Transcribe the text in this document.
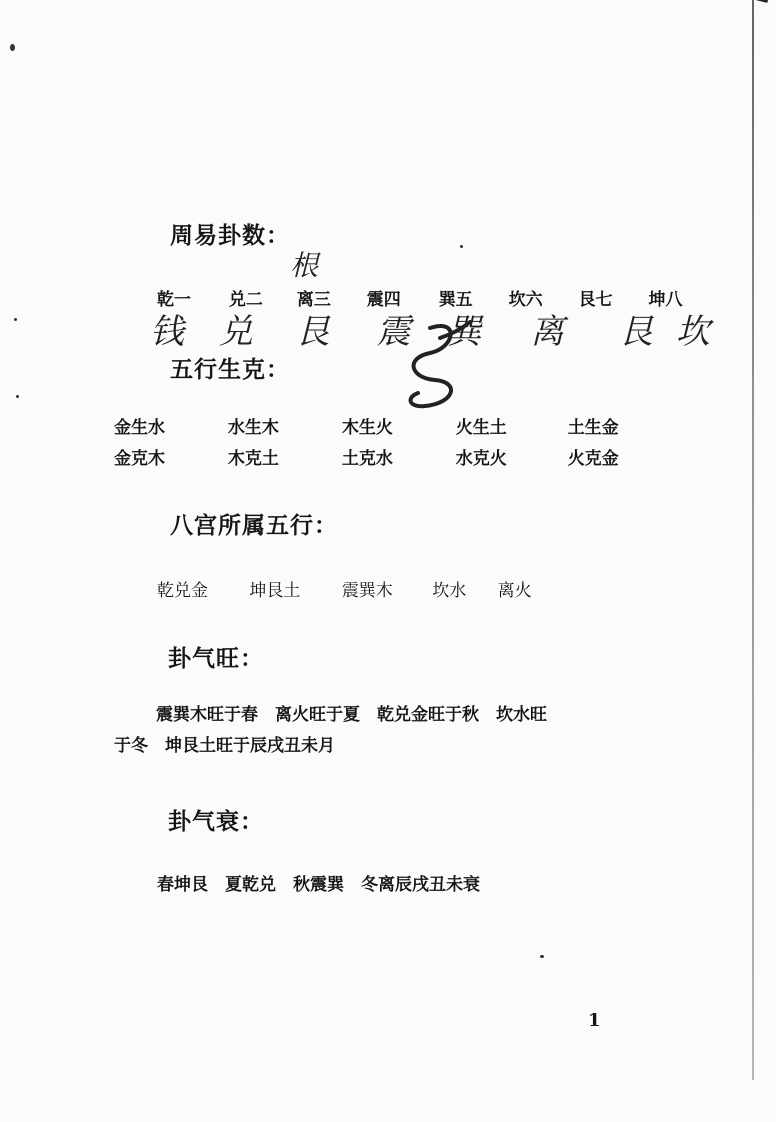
周易卦数：
根
乾一 兑二 离三 震四 巽五 坎六 艮七 坤八
钱 兑 艮 震 巽 离 艮 坎
五行生克：
金生水	水生木	木生火	火生土	土生金
金克木	木克土	土克水	水克火	火克金
八宫所属五行：
乾兑金 坤艮土 震巽木 坎水 离火
卦气旺：
震巽木旺于春　离火旺于夏　乾兑金旺于秋　坎水旺
于冬　坤艮土旺于辰戌丑未月
卦气衰：
春坤艮　夏乾兑　秋震巽　冬离辰戌丑未衰
1
